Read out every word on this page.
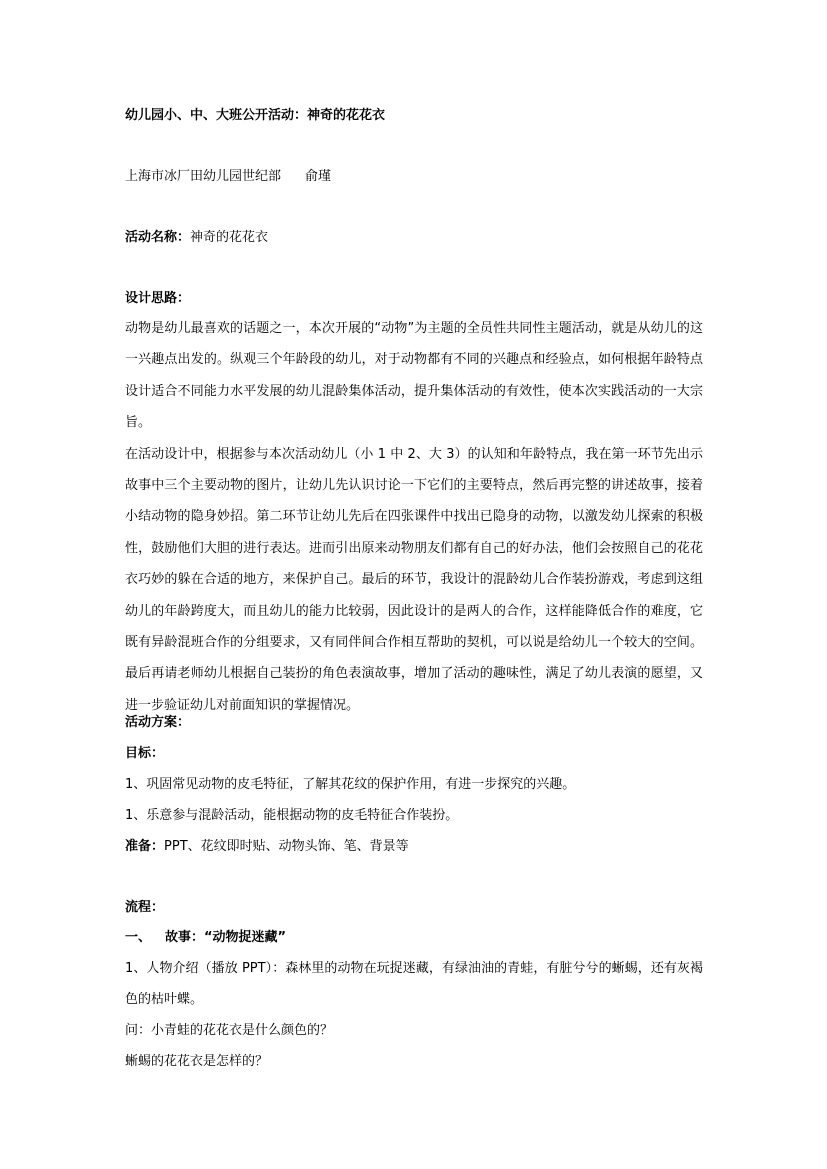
幼儿园小、中、大班公开活动：神奇的花花衣
上海市冰厂田幼儿园世纪部 俞瑾
活动名称：神奇的花花衣
设计思路：

动物是幼儿最喜欢的话题之一，本次开展的“动物”为主题的全员性共同性主题活动，就是从幼儿的这一兴趣点出发的。纵观三个年龄段的幼儿，对于动物都有不同的兴趣点和经验点，如何根据年龄特点设计适合不同能力水平发展的幼儿混龄集体活动，提升集体活动的有效性，使本次实践活动的一大宗旨。

在活动设计中，根据参与本次活动幼儿（小 1 中 2、大 3）的认知和年龄特点，我在第一环节先出示故事中三个主要动物的图片，让幼儿先认识讨论一下它们的主要特点，然后再完整的讲述故事，接着小结动物的隐身妙招。第二环节让幼儿先后在四张课件中找出已隐身的动物，以激发幼儿探索的积极性，鼓励他们大胆的进行表达。进而引出原来动物朋友们都有自己的好办法，他们会按照自己的花花衣巧妙的躲在合适的地方，来保护自己。最后的环节，我设计的混龄幼儿合作装扮游戏，考虑到这组幼儿的年龄跨度大，而且幼儿的能力比较弱，因此设计的是两人的合作，这样能降低合作的难度，它既有异龄混班合作的分组要求，又有同伴间合作相互帮助的契机，可以说是给幼儿一个较大的空间。最后再请老师幼儿根据自己装扮的角色表演故事，增加了活动的趣味性，满足了幼儿表演的愿望，又进一步验证幼儿对前面知识的掌握情况。

活动方案：
目标：
1、巩固常见动物的皮毛特征，了解其花纹的保护作用，有进一步探究的兴趣。
1、乐意参与混龄活动，能根据动物的皮毛特征合作装扮。
准备：PPT、花纹即时贴、动物头饰、笔、背景等
流程：
一、 故事：“动物捉迷藏”
1、人物介绍（播放 PPT）：森林里的动物在玩捉迷藏，有绿油油的青蛙，有脏兮兮的蜥蜴，还有灰褐色的枯叶蝶。
问：小青蛙的花花衣是什么颜色的？
蜥蜴的花花衣是怎样的？
